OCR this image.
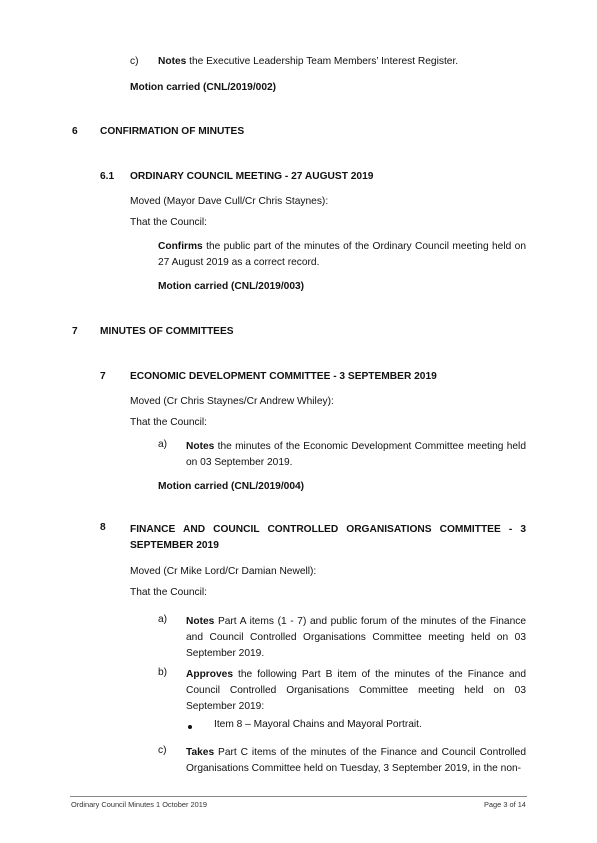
c) Notes the Executive Leadership Team Members’ Interest Register.
Motion carried (CNL/2019/002)
6 CONFIRMATION OF MINUTES
6.1 ORDINARY COUNCIL MEETING - 27 AUGUST 2019
Moved (Mayor Dave Cull/Cr Chris Staynes):
That the Council:
Confirms the public part of the minutes of the Ordinary Council meeting held on 27 August 2019 as a correct record.
Motion carried (CNL/2019/003)
7 MINUTES OF COMMITTEES
7 ECONOMIC DEVELOPMENT COMMITTEE - 3 SEPTEMBER 2019
Moved (Cr Chris Staynes/Cr Andrew Whiley):
That the Council:
a) Notes the minutes of the Economic Development Committee meeting held on 03 September 2019.
Motion carried (CNL/2019/004)
8 FINANCE AND COUNCIL CONTROLLED ORGANISATIONS COMMITTEE - 3 SEPTEMBER 2019
Moved (Cr Mike Lord/Cr Damian Newell):
That the Council:
a) Notes Part A items (1 - 7) and public forum of the minutes of the Finance and Council Controlled Organisations Committee meeting held on 03 September 2019.
b) Approves the following Part B item of the minutes of the Finance and Council Controlled Organisations Committee meeting held on 03 September 2019:
Item 8 – Mayoral Chains and Mayoral Portrait.
c) Takes Part C items of the minutes of the Finance and Council Controlled Organisations Committee held on Tuesday, 3 September 2019, in the non-
Ordinary Council Minutes 1 October 2019	Page 3 of 14
